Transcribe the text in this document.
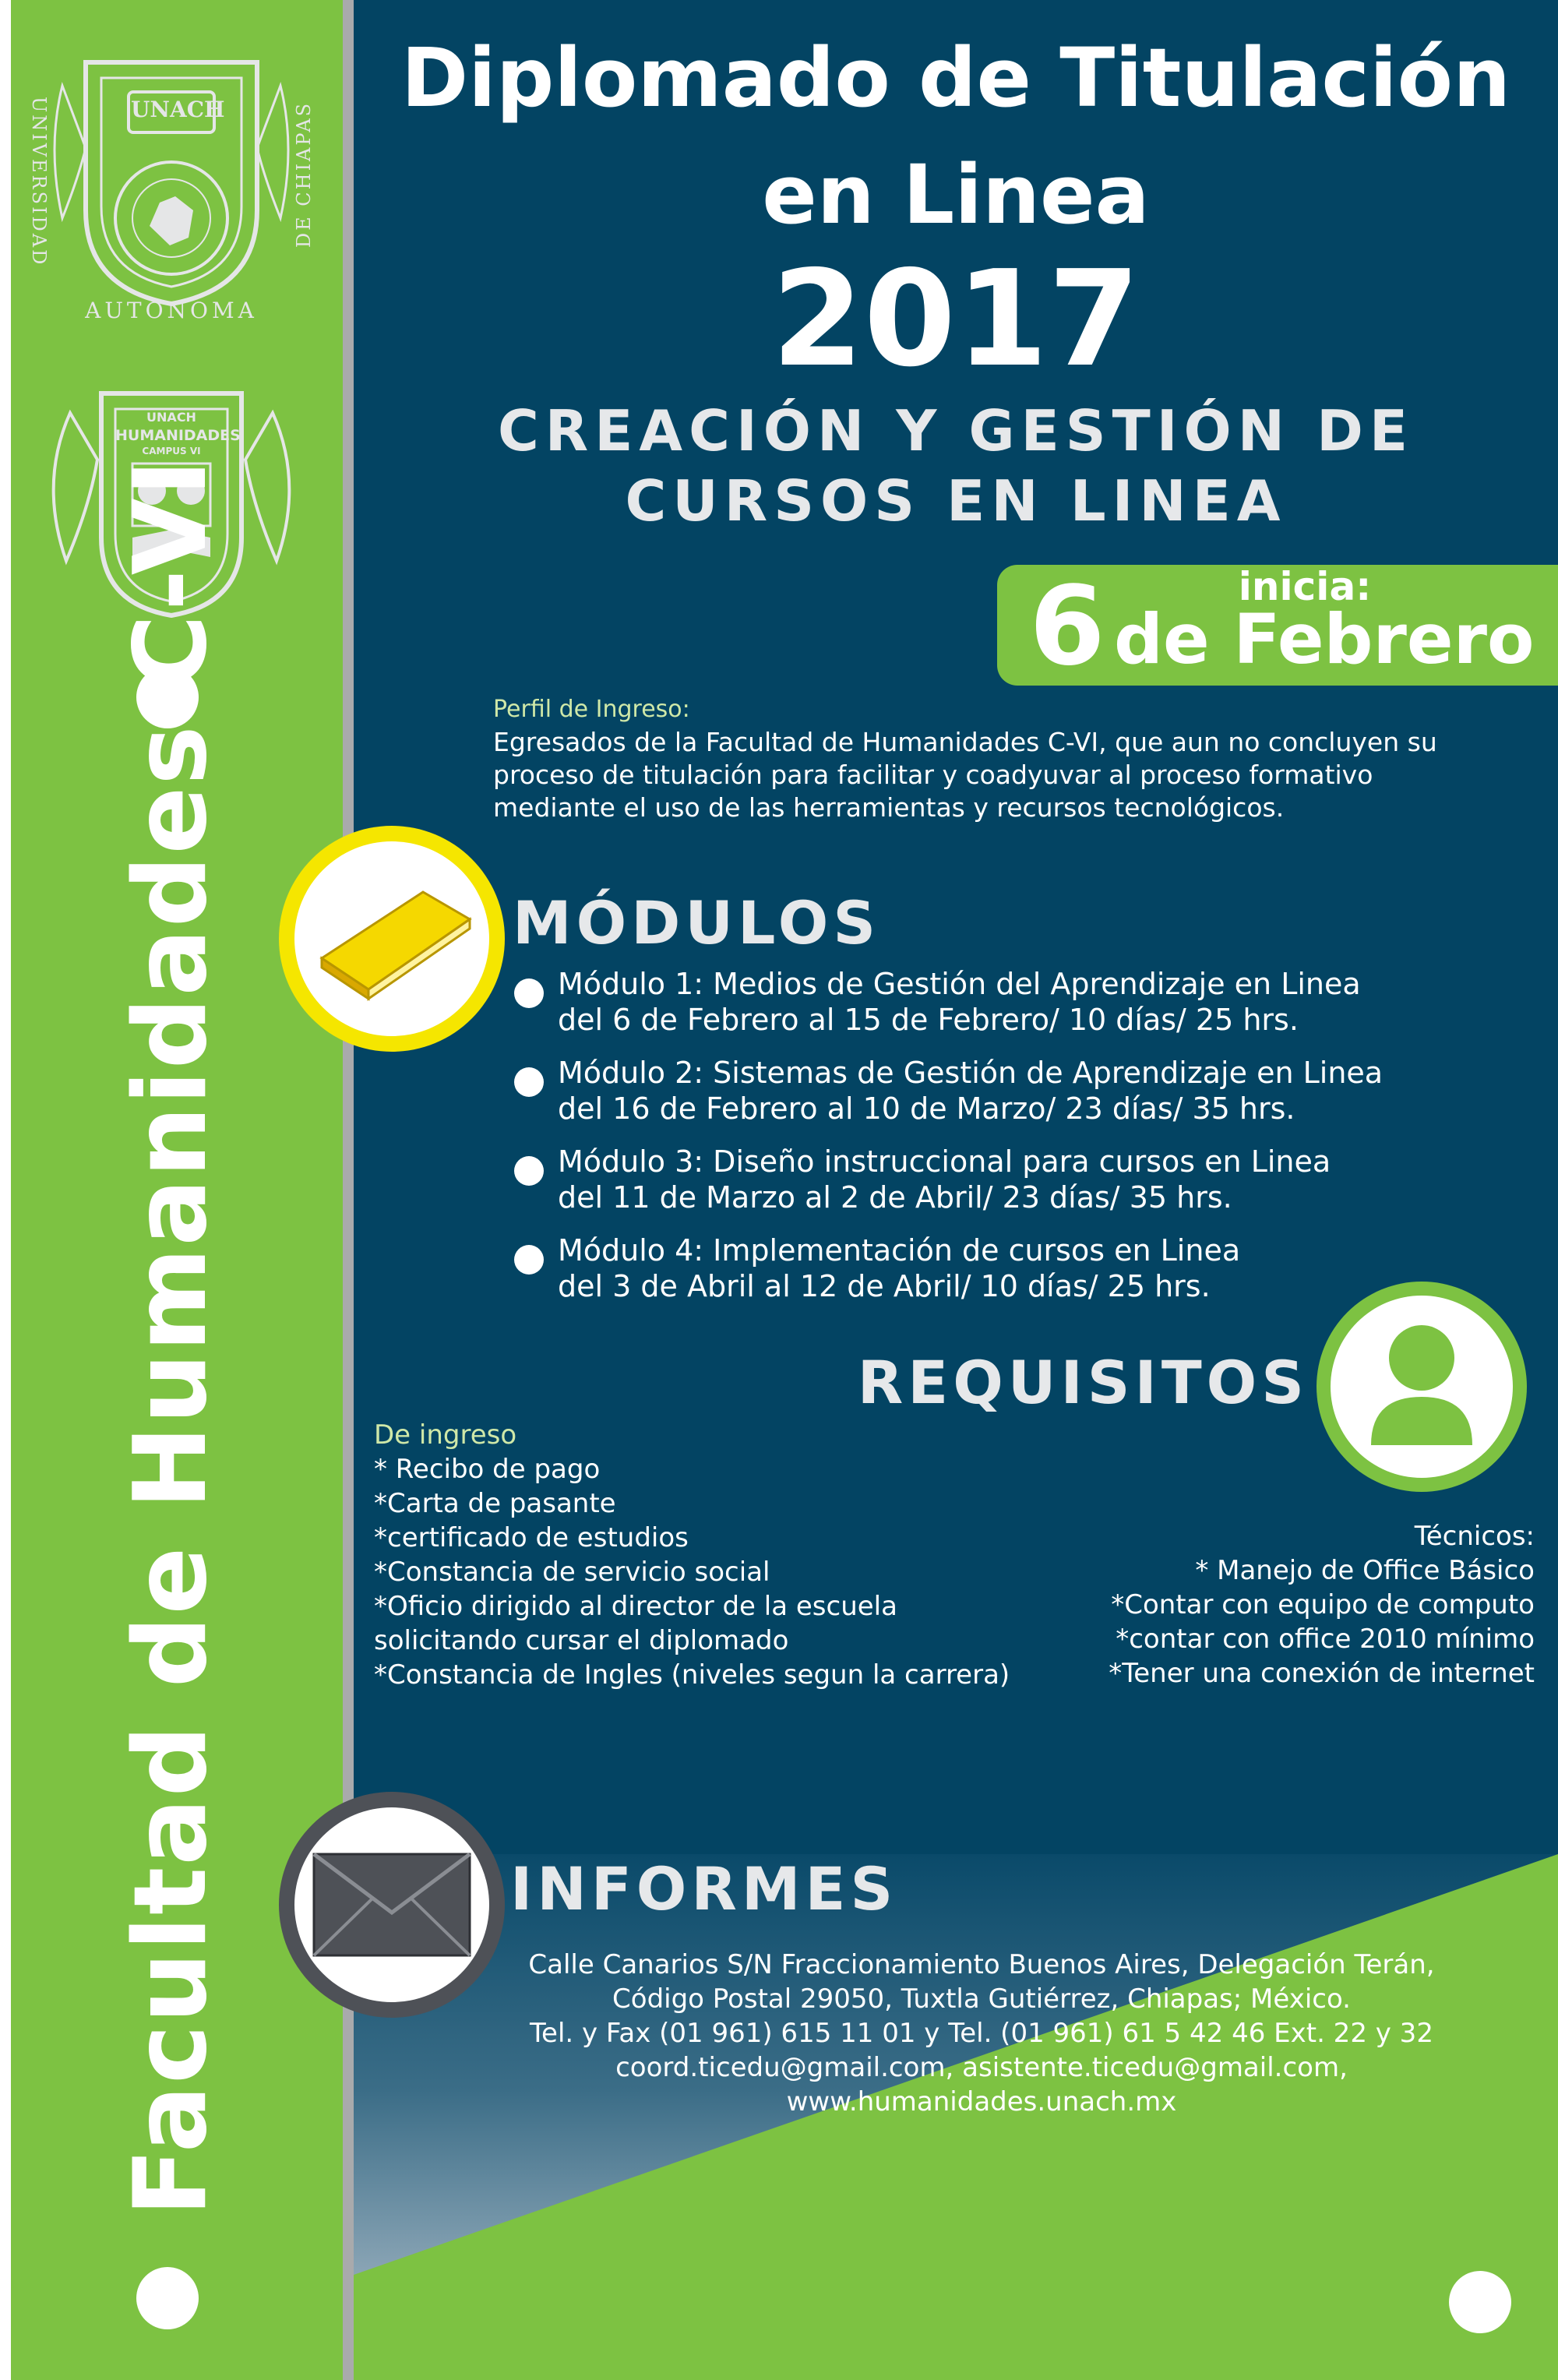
UNACH
UNIVERSIDAD	DE CHIAPAS
AUTONOMA
UNACH
HUMANIDADES
CAMPUS VI
Facultad de Humanidades C-VI
Diplomado de Titulación
en Linea
2017
CREACIÓN Y GESTIÓN DE
CURSOS EN LINEA
inicia:
6 de Febrero
Perfil de Ingreso:
Egresados de la Facultad de Humanidades C-VI, que aun no concluyen su
proceso de titulación para facilitar y coadyuvar al proceso formativo
mediante el uso de las herramientas y recursos tecnológicos.
MÓDULOS
Módulo 1: Medios de Gestión del Aprendizaje en Linea
del 6 de Febrero al 15 de Febrero/ 10 días/ 25 hrs.
Módulo 2: Sistemas de Gestión de Aprendizaje en Linea
del 16 de Febrero al 10 de Marzo/ 23 días/ 35 hrs.
Módulo 3: Diseño instruccional para cursos en Linea
del 11 de Marzo al 2 de Abril/ 23 días/ 35 hrs.
Módulo 4: Implementación de cursos en Linea
del 3 de Abril al 12 de Abril/ 10 días/ 25 hrs.
REQUISITOS
De ingreso
* Recibo de pago
*Carta de pasante
*certificado de estudios
*Constancia de servicio social
*Oficio dirigido al director de la escuela
solicitando cursar el diplomado
*Constancia de Ingles (niveles segun la carrera)
Técnicos:
* Manejo de Office Básico
*Contar con equipo de computo
*contar con office 2010 mínimo
*Tener una conexión de internet
INFORMES
Calle Canarios S/N Fraccionamiento Buenos Aires, Delegación Terán,
Código Postal 29050, Tuxtla Gutiérrez, Chiapas; México.
Tel. y Fax (01 961) 615 11 01 y Tel. (01 961) 61 5 42 46 Ext. 22 y 32
coord.ticedu@gmail.com, asistente.ticedu@gmail.com,
www.humanidades.unach.mx
